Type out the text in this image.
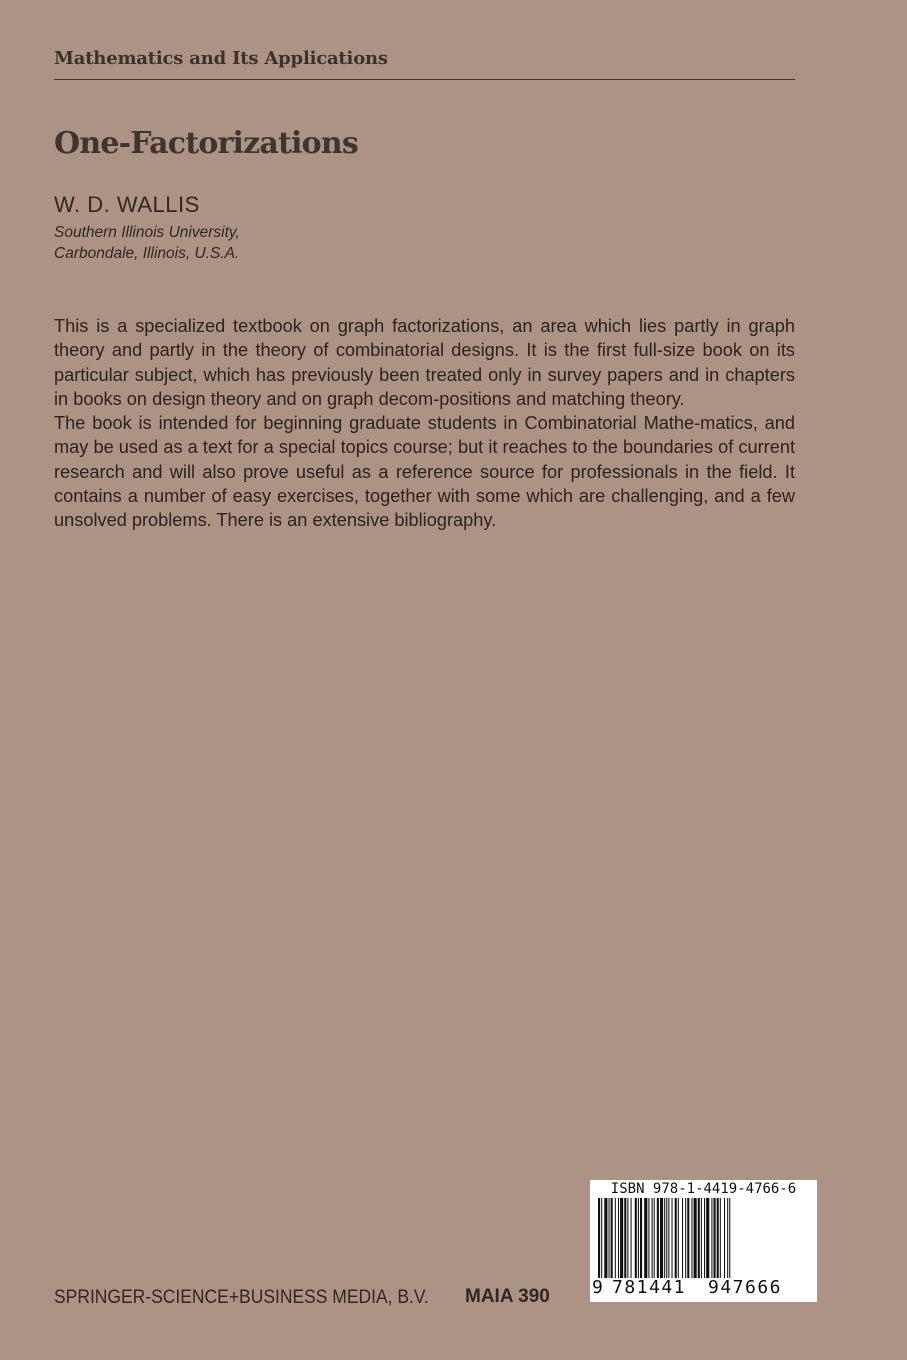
Mathematics and Its Applications
One-Factorizations
W. D. WALLIS
Southern Illinois University,
Carbondale, Illinois, U.S.A.

This is a specialized textbook on graph factorizations, an area which lies partly in graph theory and partly in the theory of combinatorial designs. It is the first full-size book on its particular subject, which has previously been treated only in survey papers and in chapters in books on design theory and on graph decom-positions and matching theory.

The book is intended for beginning graduate students in Combinatorial Mathe-matics, and may be used as a text for a special topics course; but it reaches to the boundaries of current research and will also prove useful as a reference source for professionals in the field. It contains a number of easy exercises, together with some which are challenging, and a few unsolved problems. There is an extensive bibliography.

SPRINGER-SCIENCE+BUSINESS MEDIA, B.V. MAIA 390
ISBN 978-1-4419-4766-6
9 781441 947666
